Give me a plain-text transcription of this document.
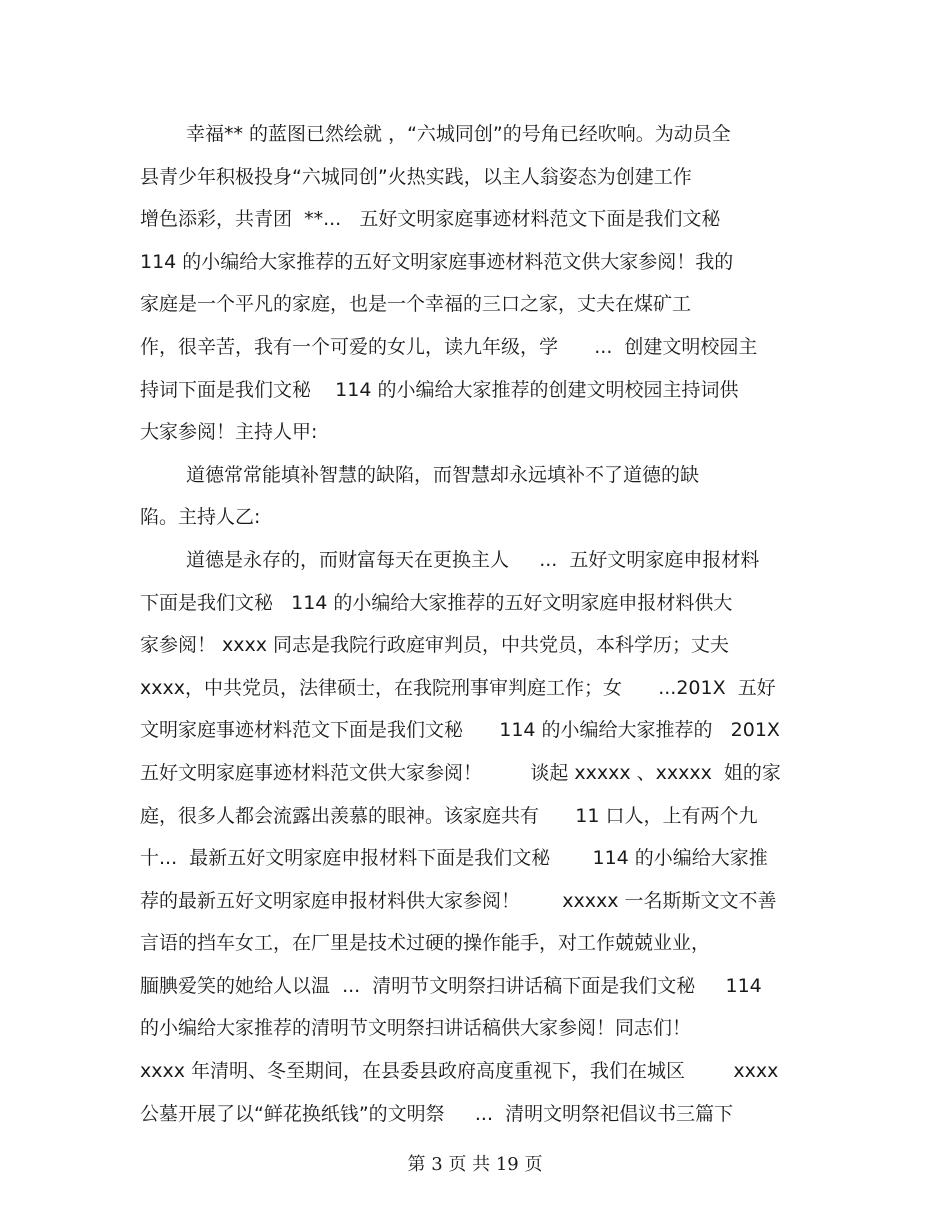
幸福** 的蓝图已然绘就 ，“六城同创”的号角已经吹响。为动员全
县青少年积极投身“六城同创”火热实践，以主人翁姿态为创建工作
增色添彩，共青团  **...   五好文明家庭事迹材料范文下面是我们文秘
114 的小编给大家推荐的五好文明家庭事迹材料范文供大家参阅！我的
家庭是一个平凡的家庭，也是一个幸福的三口之家，丈夫在煤矿工
作，很辛苦，我有一个可爱的女儿，读九年级，学      ...  创建文明校园主
持词下面是我们文秘    114 的小编给大家推荐的创建文明校园主持词供
大家参阅！主持人甲:
道德常常能填补智慧的缺陷，而智慧却永远填补不了道德的缺
陷。主持人乙:
道德是永存的，而财富每天在更换主人     ...  五好文明家庭申报材料
下面是我们文秘   114 的小编给大家推荐的五好文明家庭申报材料供大
家参阅！ xxxx 同志是我院行政庭审判员，中共党员，本科学历；丈夫
xxxx，中共党员，法律硕士，在我院刑事审判庭工作；女      ...201X  五好
文明家庭事迹材料范文下面是我们文秘      114 的小编给大家推荐的   201X
五好文明家庭事迹材料范文供大家参阅！        谈起 xxxxx 、xxxxx  姐的家
庭，很多人都会流露出羡慕的眼神。该家庭共有      11 口人，上有两个九
十...  最新五好文明家庭申报材料下面是我们文秘       114 的小编给大家推
荐的最新五好文明家庭申报材料供大家参阅！       xxxxx 一名斯斯文文不善
言语的挡车女工，在厂里是技术过硬的操作能手，对工作兢兢业业，
腼腆爱笑的她给人以温  ...  清明节文明祭扫讲话稿下面是我们文秘     114
的小编给大家推荐的清明节文明祭扫讲话稿供大家参阅！同志们！
xxxx 年清明、冬至期间，在县委县政府高度重视下，我们在城区        xxxx
公墓开展了以“鲜花换纸钱”的文明祭     ...  清明文明祭祀倡议书三篇下
第 3 页 共 19 页
